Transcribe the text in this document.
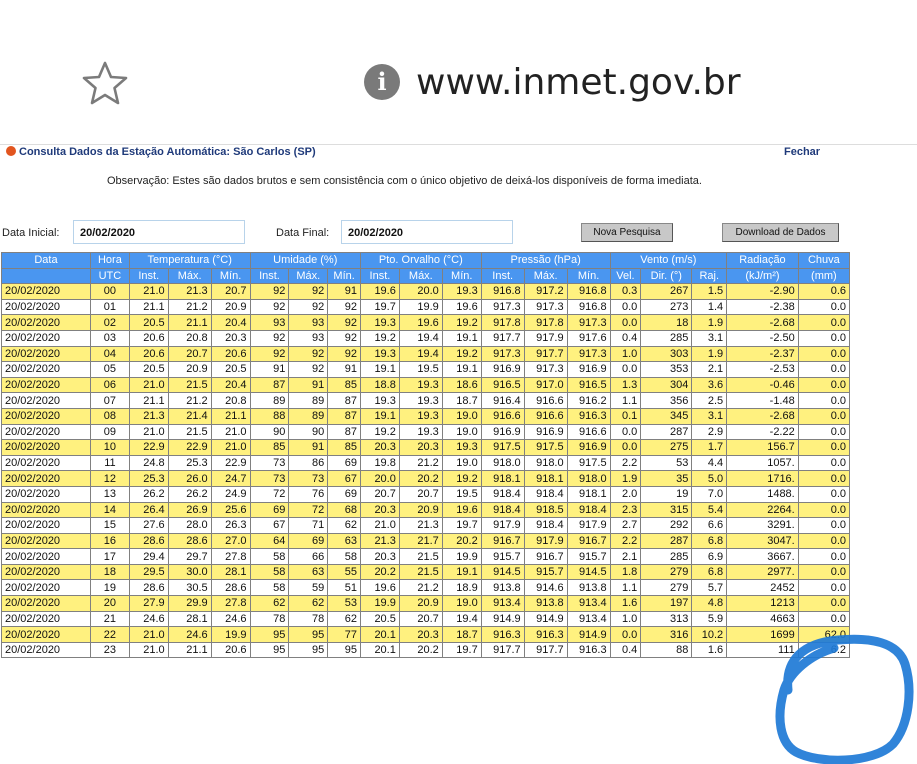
i www.inmet.gov.br
Consulta Dados da Estação Automática: São Carlos (SP)	Fechar
Observação: Estes são dados brutos e sem consistência com o único objetivo de deixá-los disponíveis de forma imediata.
Data Inicial:	20/02/2020	Data Final:	20/02/2020	Nova Pesquisa	Download de Dados
Data	Hora	Temperatura (°C)			Umidade (%)			Pto. Orvalho (°C)			Pressão (hPa)			Vento (m/s)			Radiação	Chuva
	UTC	Inst.	Máx.	Mín.	Inst.	Máx.	Mín.	Inst.	Máx.	Mín.	Inst.	Máx.	Mín.	Vel.	Dir. (°)	Raj.	(kJ/m²)	(mm)
20/02/2020	00	21.0	21.3	20.7	92	92	91	19.6	20.0	19.3	916.8	917.2	916.8	0.3	267	1.5	-2.90	0.6
20/02/2020	01	21.1	21.2	20.9	92	92	92	19.7	19.9	19.6	917.3	917.3	916.8	0.0	273	1.4	-2.38	0.0
20/02/2020	02	20.5	21.1	20.4	93	93	92	19.3	19.6	19.2	917.8	917.8	917.3	0.0	18	1.9	-2.68	0.0
20/02/2020	03	20.6	20.8	20.3	92	93	92	19.2	19.4	19.1	917.7	917.9	917.6	0.4	285	3.1	-2.50	0.0
20/02/2020	04	20.6	20.7	20.6	92	92	92	19.3	19.4	19.2	917.3	917.7	917.3	1.0	303	1.9	-2.37	0.0
20/02/2020	05	20.5	20.9	20.5	91	92	91	19.1	19.5	19.1	916.9	917.3	916.9	0.0	353	2.1	-2.53	0.0
20/02/2020	06	21.0	21.5	20.4	87	91	85	18.8	19.3	18.6	916.5	917.0	916.5	1.3	304	3.6	-0.46	0.0
20/02/2020	07	21.1	21.2	20.8	89	89	87	19.3	19.3	18.7	916.4	916.6	916.2	1.1	356	2.5	-1.48	0.0
20/02/2020	08	21.3	21.4	21.1	88	89	87	19.1	19.3	19.0	916.6	916.6	916.3	0.1	345	3.1	-2.68	0.0
20/02/2020	09	21.0	21.5	21.0	90	90	87	19.2	19.3	19.0	916.9	916.9	916.6	0.0	287	2.9	-2.22	0.0
20/02/2020	10	22.9	22.9	21.0	85	91	85	20.3	20.3	19.3	917.5	917.5	916.9	0.0	275	1.7	156.7	0.0
20/02/2020	11	24.8	25.3	22.9	73	86	69	19.8	21.2	19.0	918.0	918.0	917.5	2.2	53	4.4	1057.	0.0
20/02/2020	12	25.3	26.0	24.7	73	73	67	20.0	20.2	19.2	918.1	918.1	918.0	1.9	35	5.0	1716.	0.0
20/02/2020	13	26.2	26.2	24.9	72	76	69	20.7	20.7	19.5	918.4	918.4	918.1	2.0	19	7.0	1488.	0.0
20/02/2020	14	26.4	26.9	25.6	69	72	68	20.3	20.9	19.6	918.4	918.5	918.4	2.3	315	5.4	2264.	0.0
20/02/2020	15	27.6	28.0	26.3	67	71	62	21.0	21.3	19.7	917.9	918.4	917.9	2.7	292	6.6	3291.	0.0
20/02/2020	16	28.6	28.6	27.0	64	69	63	21.3	21.7	20.2	916.7	917.9	916.7	2.2	287	6.8	3047.	0.0
20/02/2020	17	29.4	29.7	27.8	58	66	58	20.3	21.5	19.9	915.7	916.7	915.7	2.1	285	6.9	3667.	0.0
20/02/2020	18	29.5	30.0	28.1	58	63	55	20.2	21.5	19.1	914.5	915.7	914.5	1.8	279	6.8	2977.	0.0
20/02/2020	19	28.6	30.5	28.6	58	59	51	19.6	21.2	18.9	913.8	914.6	913.8	1.1	279	5.7	2452	0.0
20/02/2020	20	27.9	29.9	27.8	62	62	53	19.9	20.9	19.0	913.4	913.8	913.4	1.6	197	4.8	1213	0.0
20/02/2020	21	24.6	28.1	24.6	78	78	62	20.5	20.7	19.4	914.9	914.9	913.4	1.0	313	5.9	4663	0.0
20/02/2020	22	21.0	24.6	19.9	95	95	77	20.1	20.3	18.7	916.3	916.3	914.9	0.0	316	10.2	1699	62.0
20/02/2020	23	21.0	21.1	20.6	95	95	95	20.1	20.2	19.7	917.7	917.7	916.3	0.4	88	1.6	111	6.2
